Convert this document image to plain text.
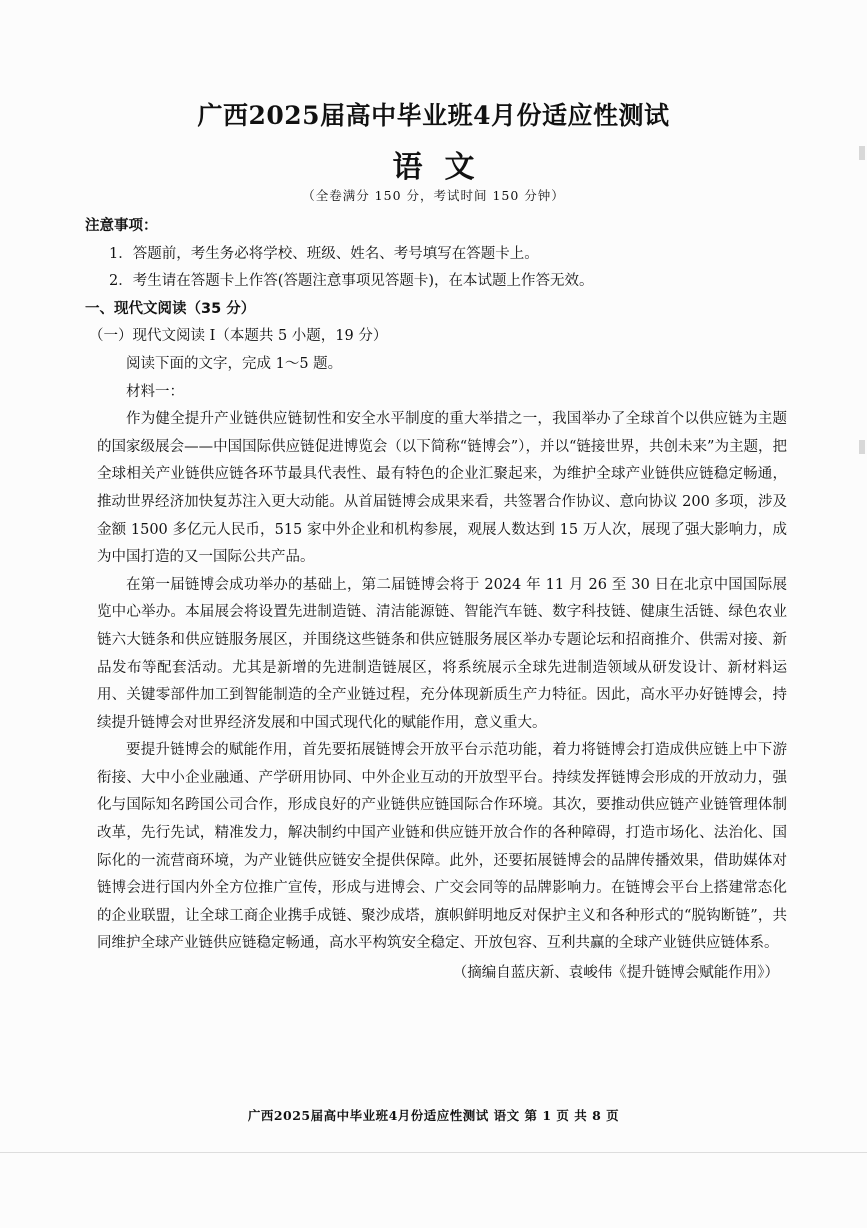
广西2025届高中毕业班4月份适应性测试
语文
（全卷满分 150 分，考试时间 150 分钟）

注意事项：

1．答题前，考生务必将学校、班级、姓名、考号填写在答题卡上。

2．考生请在答题卡上作答(答题注意事项见答题卡)，在本试题上作答无效。

一、现代文阅读（35 分）

（一）现代文阅读 I（本题共 5 小题，19 分）

阅读下面的文字，完成 1～5 题。

材料一：

作为健全提升产业链供应链韧性和安全水平制度的重大举措之一，我国举办了全球首个以供应链为主题的国家级展会——中国国际供应链促进博览会（以下简称“链博会”），并以“链接世界，共创未来”为主题，把全球相关产业链供应链各环节最具代表性、最有特色的企业汇聚起来，为维护全球产业链供应链稳定畅通，推动世界经济加快复苏注入更大动能。从首届链博会成果来看，共签署合作协议、意向协议 200 多项，涉及金额 1500 多亿元人民币，515 家中外企业和机构参展，观展人数达到 15 万人次，展现了强大影响力，成为中国打造的又一国际公共产品。

在第一届链博会成功举办的基础上，第二届链博会将于 2024 年 11 月 26 至 30 日在北京中国国际展览中心举办。本届展会将设置先进制造链、清洁能源链、智能汽车链、数字科技链、健康生活链、绿色农业链六大链条和供应链服务展区，并围绕这些链条和供应链服务展区举办专题论坛和招商推介、供需对接、新品发布等配套活动。尤其是新增的先进制造链展区，将系统展示全球先进制造领域从研发设计、新材料运用、关键零部件加工到智能制造的全产业链过程，充分体现新质生产力特征。因此，高水平办好链博会，持续提升链博会对世界经济发展和中国式现代化的赋能作用，意义重大。

要提升链博会的赋能作用，首先要拓展链博会开放平台示范功能，着力将链博会打造成供应链上中下游衔接、大中小企业融通、产学研用协同、中外企业互动的开放型平台。持续发挥链博会形成的开放动力，强化与国际知名跨国公司合作，形成良好的产业链供应链国际合作环境。其次，要推动供应链产业链管理体制改革，先行先试，精准发力，解决制约中国产业链和供应链开放合作的各种障碍，打造市场化、法治化、国际化的一流营商环境，为产业链供应链安全提供保障。此外，还要拓展链博会的品牌传播效果，借助媒体对链博会进行国内外全方位推广宣传，形成与进博会、广交会同等的品牌影响力。在链博会平台上搭建常态化的企业联盟，让全球工商企业携手成链、聚沙成塔，旗帜鲜明地反对保护主义和各种形式的“脱钩断链”，共同维护全球产业链供应链稳定畅通，高水平构筑安全稳定、开放包容、互利共赢的全球产业链供应链体系。

（摘编自蓝庆新、袁峻伟《提升链博会赋能作用》）

广西2025届高中毕业班4月份适应性测试 语文 第 1 页 共 8 页
